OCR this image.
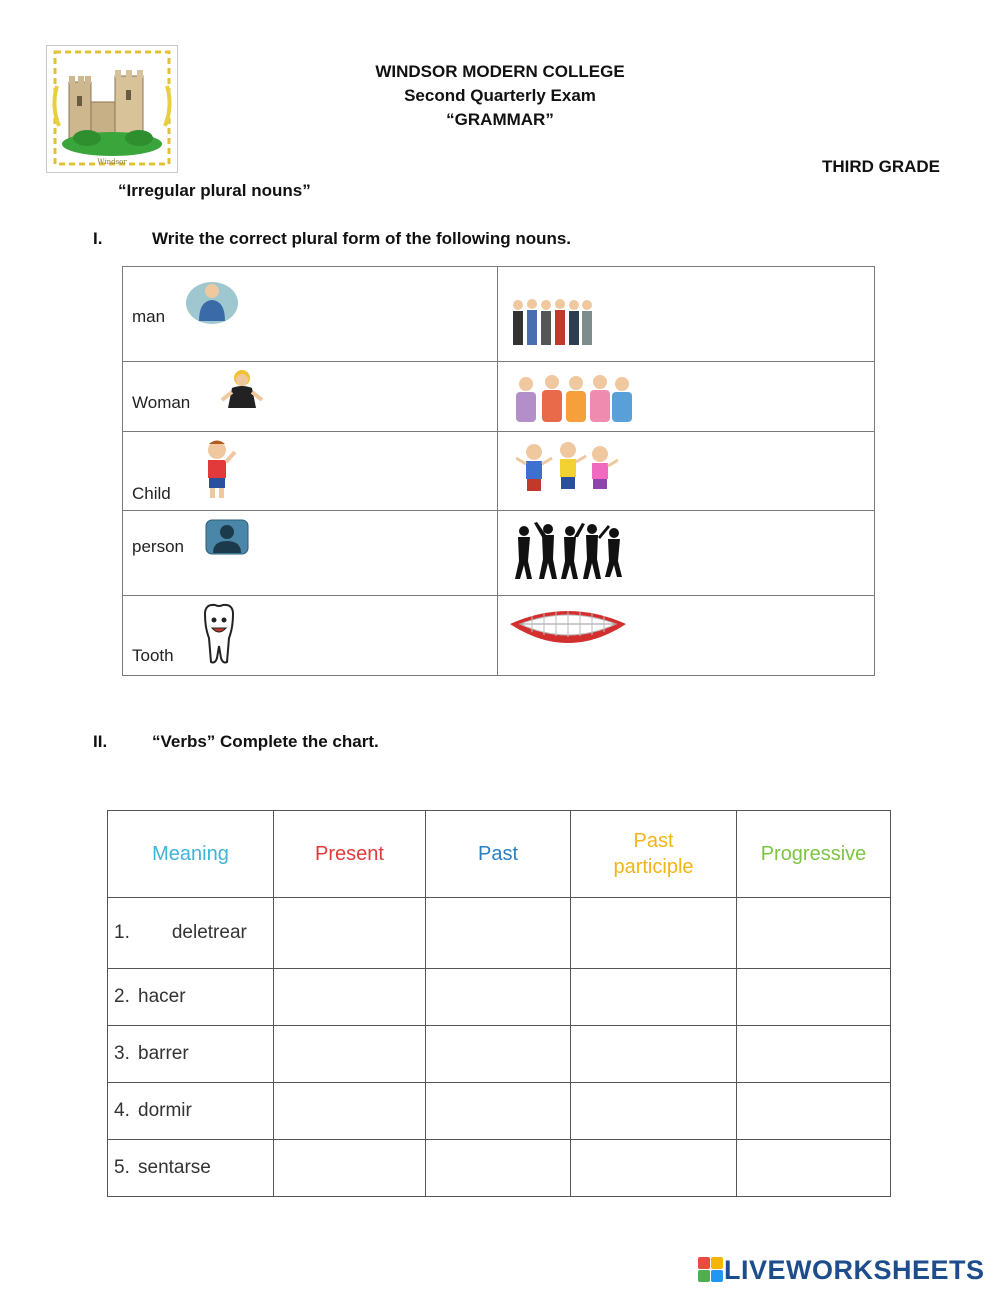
Windsor
WINDSOR MODERN COLLEGE
Second Quarterly Exam
“GRAMMAR”
THIRD GRADE
“Irregular plural nouns”
I.	Write the correct plural form of the following nouns.
man

Woman

Child

person

Tooth

II.	“Verbs” Complete the chart.
Meaning	Present	Past	Past participle	Progressive
1. deletrear				
2. hacer				
3. barrer				
4. dormir				
5. sentarse				
LIVEWORKSHEETS
